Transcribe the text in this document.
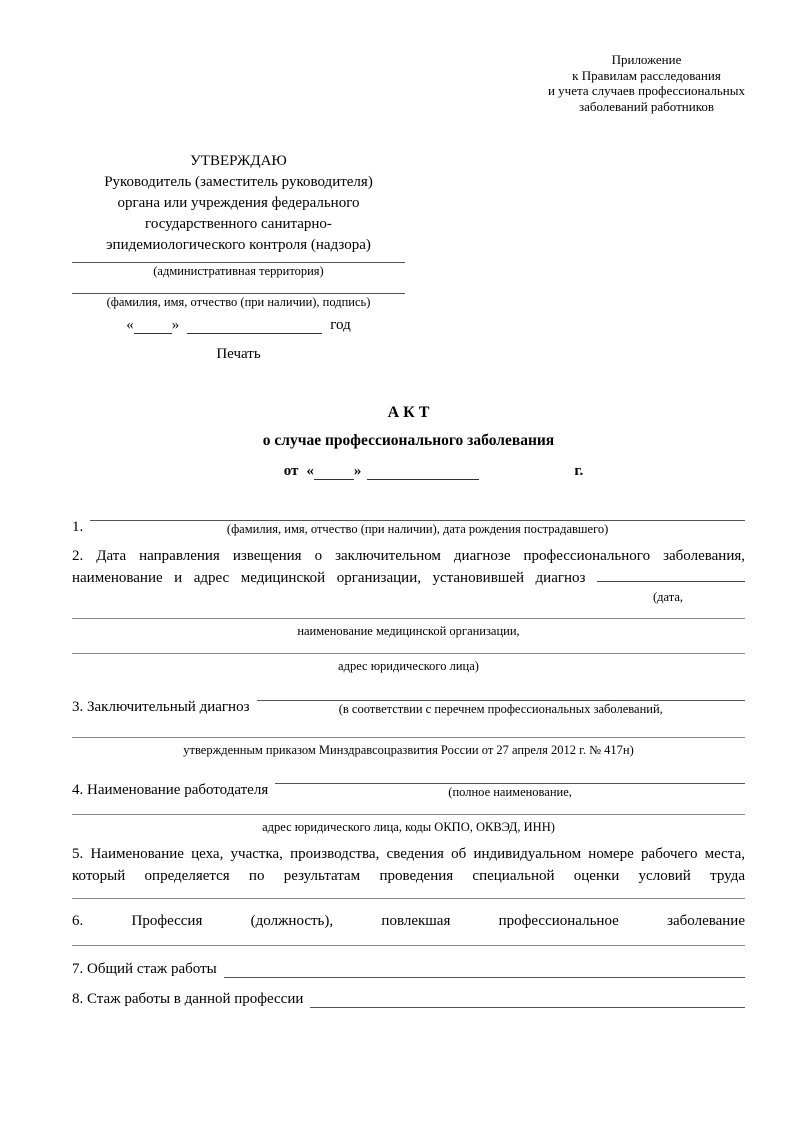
Приложение
к Правилам расследования
и учета случаев профессиональных
заболеваний работников
УТВЕРЖДАЮ
Руководитель (заместитель руководителя)
органа или учреждения федерального
государственного санитарно-
эпидемиологического контроля (надзора)
(административная территория)
(фамилия, имя, отчество (при наличии), подпись)
«	»	год
Печать
А К Т
о случае профессионального заболевания
от «	»	г.
1.	(фамилия, имя, отчество (при наличии), дата рождения пострадавшего)
2. Дата направления извещения о заключительном диагнозе профессионального заболевания, наименование и адрес медицинской организации, установившей диагноз
(дата,
наименование медицинской организации,
адрес юридического лица)
3. Заключительный диагноз	(в соответствии с перечнем профессиональных заболеваний,
утвержденным приказом Минздравсоцразвития России от 27 апреля 2012 г. № 417н)
4. Наименование работодателя	(полное наименование,
адрес юридического лица, коды ОКПО, ОКВЭД, ИНН)
5. Наименование цеха, участка, производства, сведения об индивидуальном номере рабочего места, который определяется по результатам проведения специальной оценки условий труда
6. Профессия (должность), повлекшая профессиональное заболевание
7. Общий стаж работы
8. Стаж работы в данной профессии
